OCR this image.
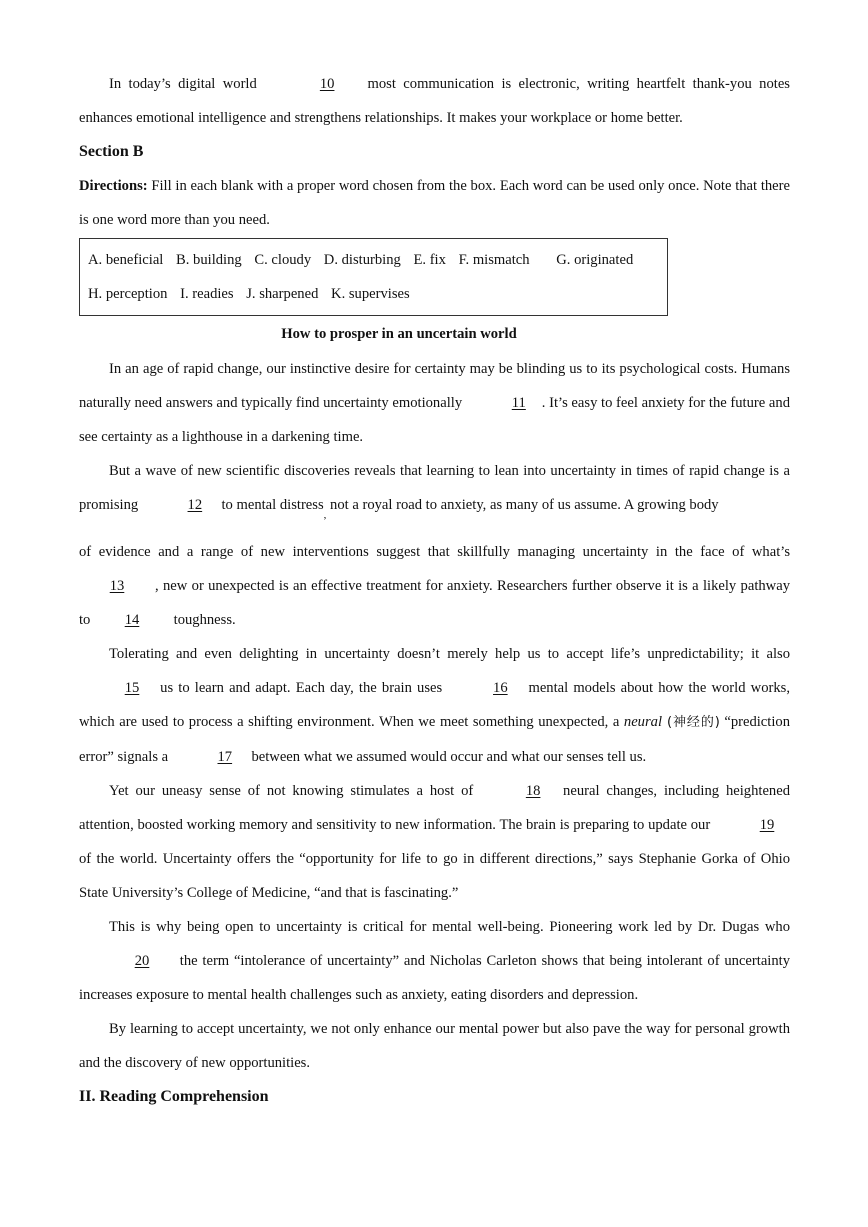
In today’s digital world	10 most communication is electronic, writing heartfelt thank-you notes enhances emotional intelligence and strengthens relationships. It makes your workplace or home better.

Section B

Directions: Fill in each blank with a proper word chosen from the box. Each word can be used only once. Note that there is one word more than you need.

A. beneficial B. building C. cloudy D. disturbing E. fix F. mismatch G. originated
H. perception I. readies J. sharpened K. supervises
How to prosper in an uncertain world

In an age of rapid change, our instinctive desire for certainty may be blinding us to its psychological costs. Humans naturally need answers and typically find uncertainty emotionally	11 . It’s easy to feel anxiety for the future and see certainty as a lighthouse in a darkening time.

But a wave of new scientific discoveries reveals that learning to lean into uncertainty in times of rapid change is a promising	12 to mental distress$_,$ not a royal road to anxiety, as many of us assume. A growing body

of evidence and a range of new interventions suggest that skillfully managing uncertainty in the face of what’s 13 , new or unexpected is an effective treatment for anxiety. Researchers further observe it is a likely pathway to 14 toughness.

Tolerating and even delighting in uncertainty doesn’t merely help us to accept life’s unpredictability; it also 15 us to learn and adapt. Each day, the brain uses	16 mental models about how the world works, which are used to process a shifting environment. When we meet something unexpected, a neural (神经的) “prediction error” signals a	17 between what we assumed would occur and what our senses tell us.

Yet our uneasy sense of not knowing stimulates a host of	18 neural changes, including heightened attention, boosted working memory and sensitivity to new information. The brain is preparing to update our	19 of the world. Uncertainty offers the “opportunity for life to go in different directions,” says Stephanie Gorka of Ohio State University’s College of Medicine, “and that is fascinating.”

This is why being open to uncertainty is critical for mental well-being. Pioneering work led by Dr. Dugas who 20 the term “intolerance of uncertainty” and Nicholas Carleton shows that being intolerant of uncertainty increases exposure to mental health challenges such as anxiety, eating disorders and depression.

By learning to accept uncertainty, we not only enhance our mental power but also pave the way for personal growth and the discovery of new opportunities.

II. Reading Comprehension
